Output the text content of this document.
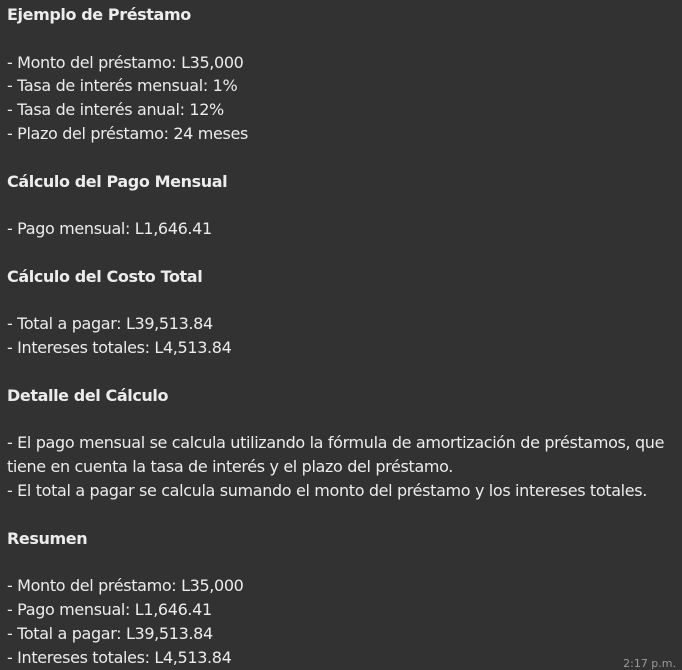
Ejemplo de Préstamo

- Monto del préstamo: L35,000

- Tasa de interés mensual: 1%

- Tasa de interés anual: 12%

- Plazo del préstamo: 24 meses

Cálculo del Pago Mensual

- Pago mensual: L1,646.41

Cálculo del Costo Total

- Total a pagar: L39,513.84

- Intereses totales: L4,513.84

Detalle del Cálculo

- El pago mensual se calcula utilizando la fórmula de amortización de préstamos, que tiene en cuenta la tasa de interés y el plazo del préstamo.

- El total a pagar se calcula sumando el monto del préstamo y los intereses totales.

Resumen

- Monto del préstamo: L35,000

- Pago mensual: L1,646.41

- Total a pagar: L39,513.84

- Intereses totales: L4,513.84	2:17 p.m.
